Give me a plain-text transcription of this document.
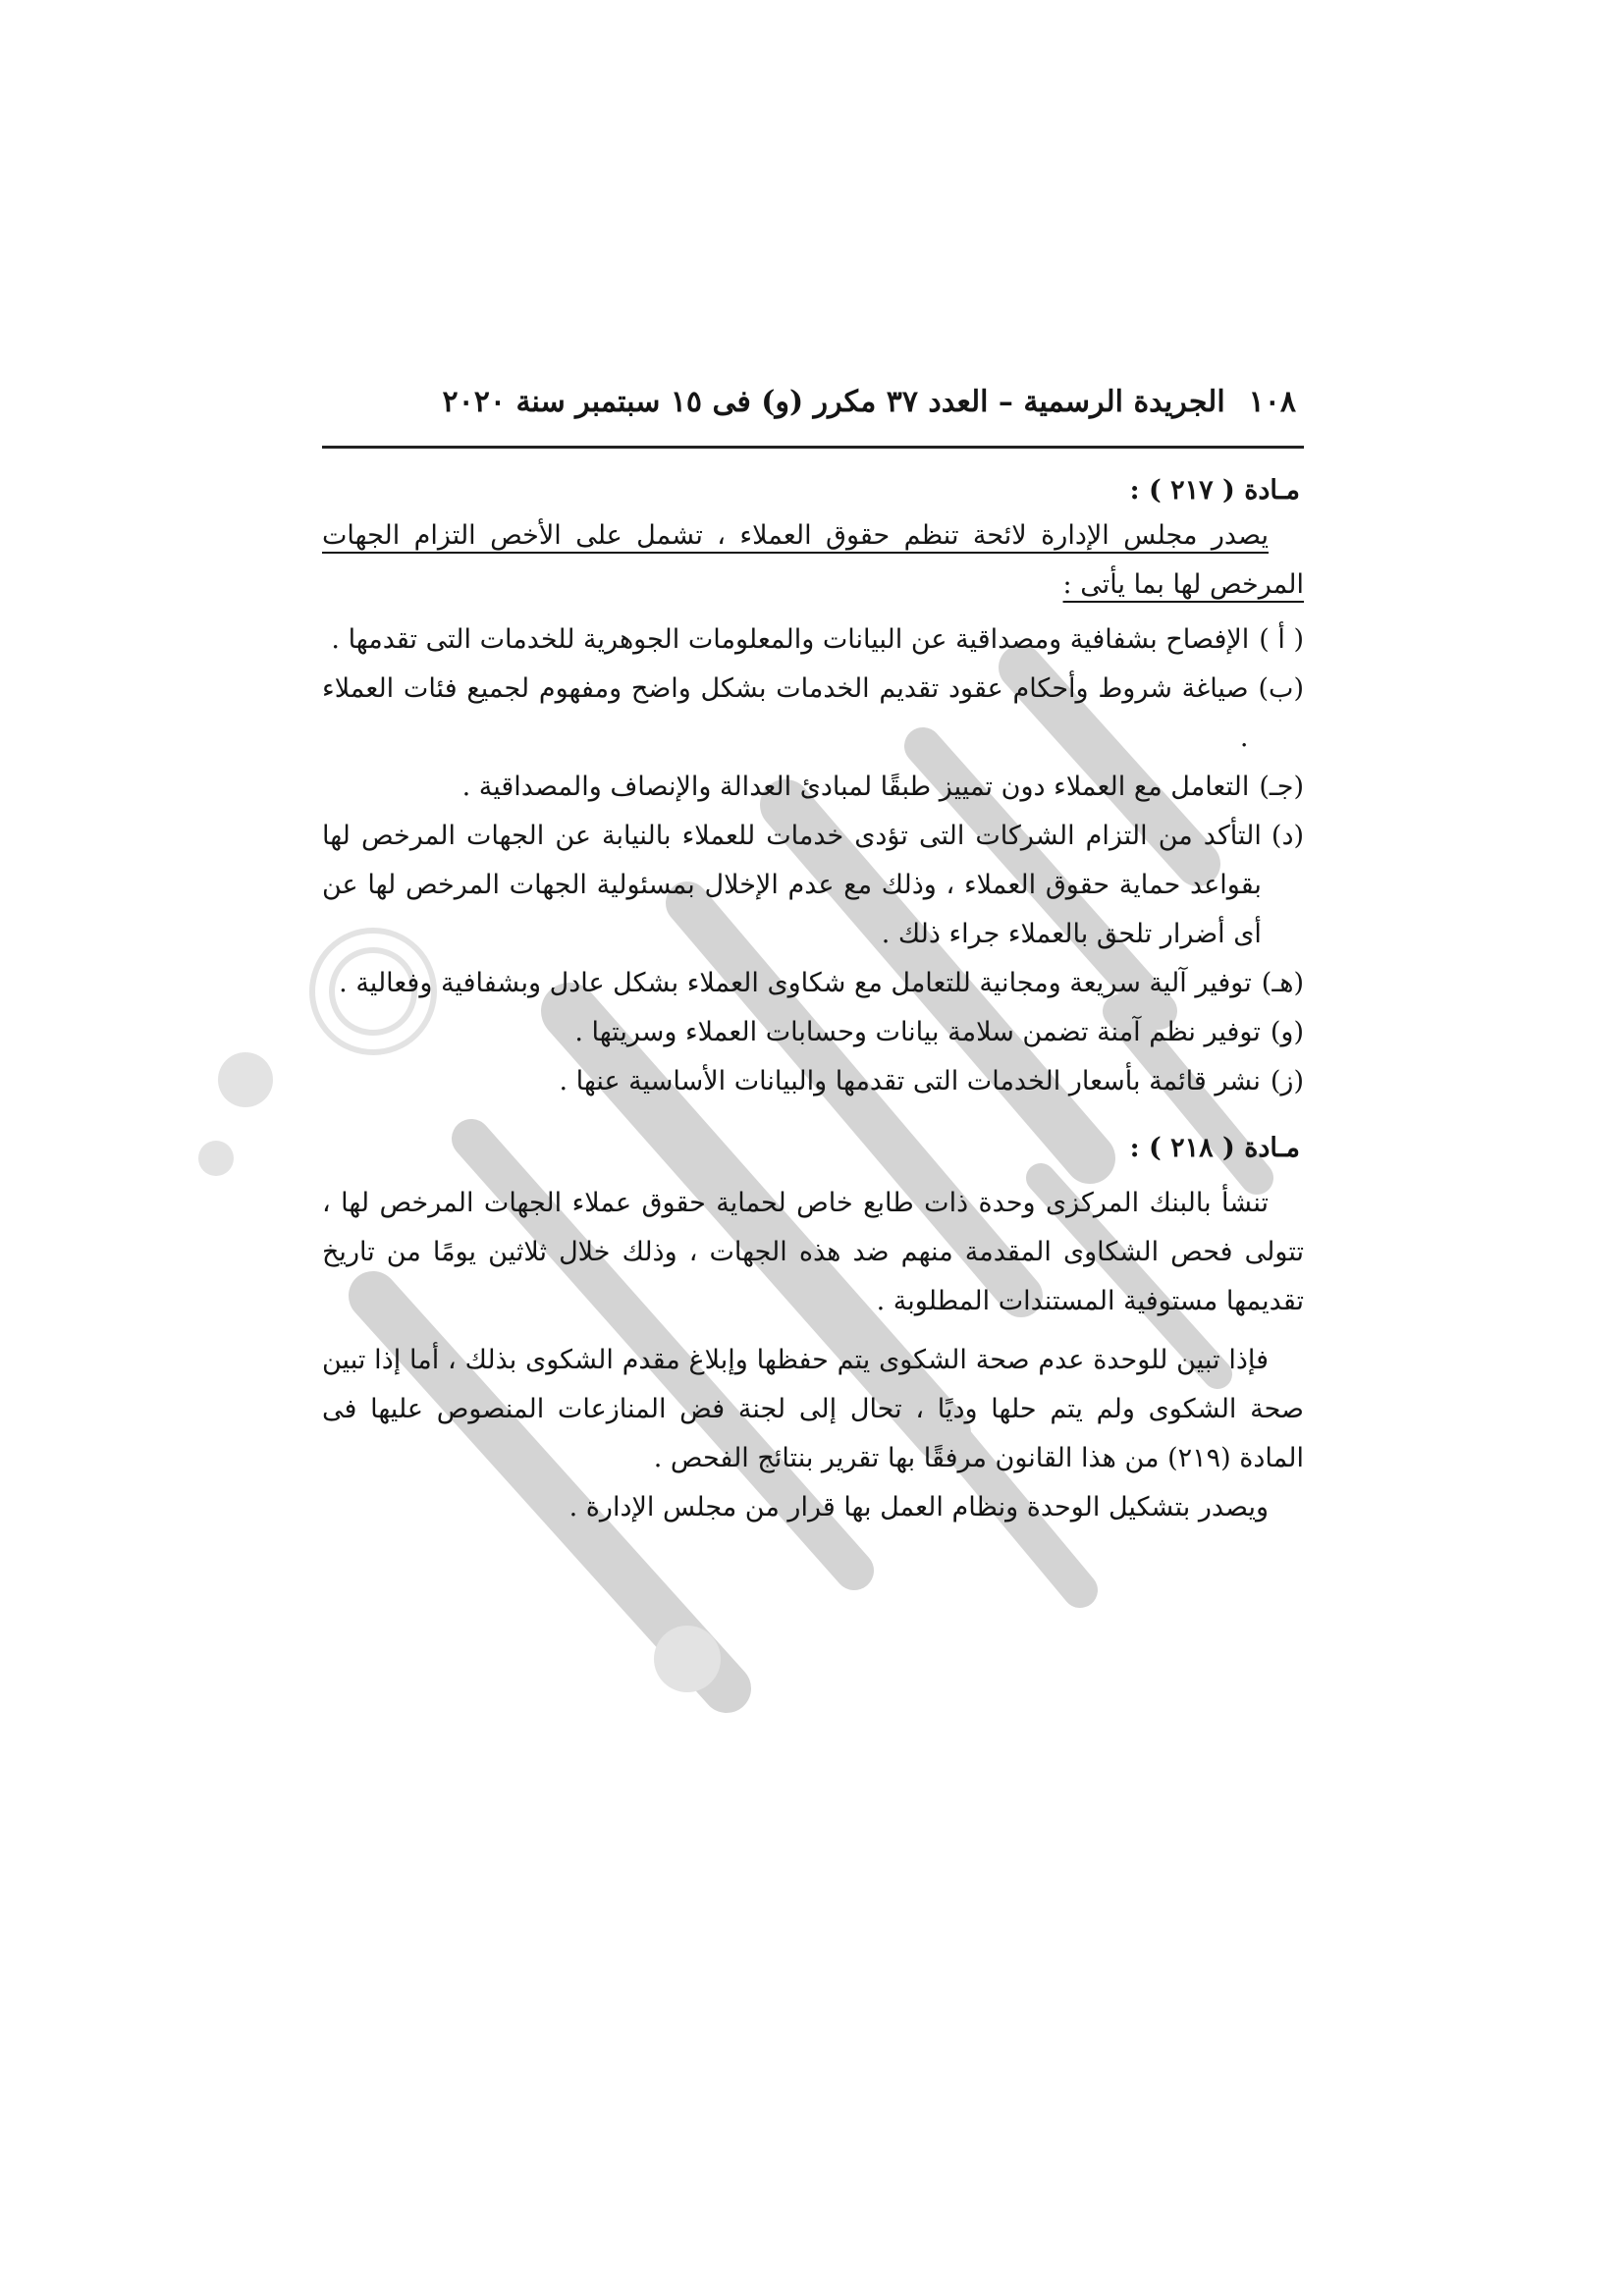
١٠٨
الجريدة الرسمية – العدد ٣٧ مكرر (و) فى ١٥ سبتمبر سنة ٢٠٢٠
مـادة ( ٢١٧ ) :

يصدر مجلس الإدارة لائحة تنظم حقوق العملاء ، تشمل على الأخص التزام الجهات المرخص لها بما يأتى :

( أ )
الإفصاح بشفافية ومصداقية عن البيانات والمعلومات الجوهرية للخدمات التى تقدمها .
(ب)
صياغة شروط وأحكام عقود تقديم الخدمات بشكل واضح ومفهوم لجميع فئات العملاء .
(جـ)
التعامل مع العملاء دون تمييز طبقًا لمبادئ العدالة والإنصاف والمصداقية .
(د)
التأكد من التزام الشركات التى تؤدى خدمات للعملاء بالنيابة عن الجهات المرخص لها بقواعد حماية حقوق العملاء ، وذلك مع عدم الإخلال بمسئولية الجهات المرخص لها عن أى أضرار تلحق بالعملاء جراء ذلك .
(هـ)
توفير آلية سريعة ومجانية للتعامل مع شكاوى العملاء بشكل عادل وبشفافية وفعالية .
(و)
توفير نظم آمنة تضمن سلامة بيانات وحسابات العملاء وسريتها .
(ز)
نشر قائمة بأسعار الخدمات التى تقدمها والبيانات الأساسية عنها .
مـادة ( ٢١٨ ) :

تنشأ بالبنك المركزى وحدة ذات طابع خاص لحماية حقوق عملاء الجهات المرخص لها ، تتولى فحص الشكاوى المقدمة منهم ضد هذه الجهات ، وذلك خلال ثلاثين يومًا من تاريخ تقديمها مستوفية المستندات المطلوبة .

فإذا تبين للوحدة عدم صحة الشكوى يتم حفظها وإبلاغ مقدم الشكوى بذلك ، أما إذا تبين صحة الشكوى ولم يتم حلها وديًا ، تحال إلى لجنة فض المنازعات المنصوص عليها فى المادة (٢١٩) من هذا القانون مرفقًا بها تقرير بنتائج الفحص .

ويصدر بتشكيل الوحدة ونظام العمل بها قرار من مجلس الإدارة .
